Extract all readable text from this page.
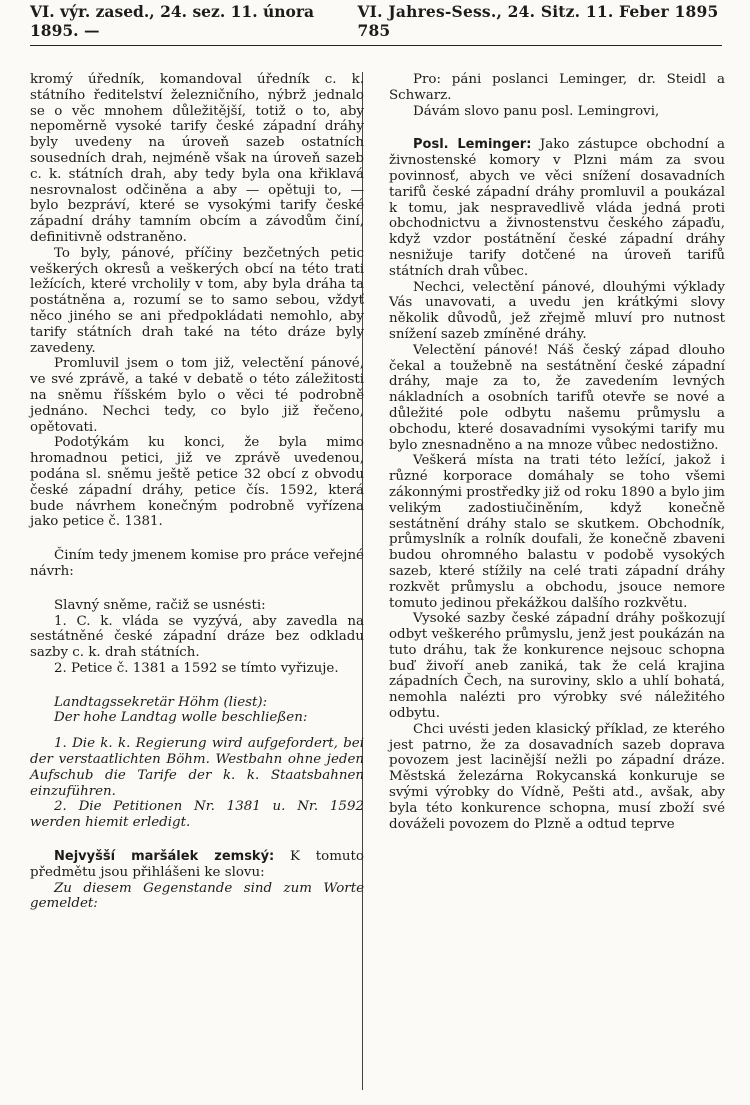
VI. výr. zased., 24. sez. 11. února 1895. —
VI. Jahres-Sess., 24. Sitz. 11. Feber 1895 785

kromý úředník, komandoval úředník c. k. státního ředitelství železničního, nýbrž jednalo se o věc mnohem důležitější, totiž o to, aby nepoměrně vysoké tarify české západní dráhy byly uvedeny na úroveň sazeb ostatních sousedních drah, nejméně však na úroveň sazeb c. k. státních drah, aby tedy byla ona křiklavá nesrovnalost odčiněna a aby — opětuji to, — bylo bezpráví, které se vysokými tarify české západní dráhy tamním obcím a závodům činí, definitivně odstraněno.

To byly, pánové, příčiny bezčetných petic veškerých okresů a veškerých obcí na této trati ležících, které vrcholily v tom, aby byla dráha ta postátněna a, rozumí se to samo sebou, vždyť něco jiného se ani předpokládati nemohlo, aby tarify státních drah také na této dráze byly zavedeny.

Promluvil jsem o tom již, velectění pánové, ve své zprávě, a také v debatě o této záležitosti na sněmu říšském bylo o věci té podrobně jednáno. Nechci tedy, co bylo již řečeno, opětovati.

Podotýkám ku konci, že byla mimo hromadnou petici, již ve zprávě uvedenou, podána sl. sněmu ještě petice 32 obcí z obvodu české západní dráhy, petice čís. 1592, která bude návrhem konečným podrobně vyřízena jako petice č. 1381.

Činím tedy jmenem komise pro práce veřejné návrh:

Slavný sněme, račiž se usnésti:

1. C. k. vláda se vyzývá, aby zavedla na sestátněné české západní dráze bez odkladu sazby c. k. drah státních.

2. Petice č. 1381 a 1592 se tímto vyřizuje.

Landtagssekretär Höhm (liest):

Der hohe Landtag wolle beschließen:

1. Die k. k. Regierung wird aufgefordert, bei der verstaatlichten Böhm. Westbahn ohne jeden Aufschub die Tarife der k. k. Staatsbahnen einzuführen.

2. Die Petitionen Nr. 1381 u. Nr. 1592 werden hiemit erledigt.

Nejvyšší maršálek zemský: K tomuto předmětu jsou přihlášeni ke slovu:

Zu diesem Gegenstande sind zum Worte gemeldet:

Pro: páni poslanci Leminger, dr. Steidl a Schwarz.

Dávám slovo panu posl. Lemingrovi,

Posl. Leminger: Jako zástupce obchodní a živnostenské komory v Plzni mám za svou povinnosť, abych ve věci snížení dosavadních tarifů české západní dráhy promluvil a poukázal k tomu, jak nespravedlivě vláda jedná proti obchodnictvu a živnostenstvu českého zápaďu, když vzdor postátnění české západní dráhy nesnižuje tarify dotčené na úroveň tarifů státních drah vůbec.

Nechci, velectění pánové, dlouhými výklady Vás unavovati, a uvedu jen krátkými slovy několik důvodů, jež zřejmě mluví pro nutnost snížení sazeb zmíněné dráhy.

Velectění pánové! Náš český západ dlouho čekal a toužebně na sestátnění české západní dráhy, maje za to, že zavedením levných nákladních a osobních tarifů otevře se nové a důležité pole odbytu našemu průmyslu a obchodu, které dosavadními vysokými tarify mu bylo znesnadněno a na mnoze vůbec nedostižno.

Veškerá místa na trati této ležící, jakož i různé korporace domáhaly se toho všemi zákonnými prostředky již od roku 1890 a bylo jim velikým zadostiučiněním, když konečně sestátnění dráhy stalo se skutkem. Obchodník, průmyslník a rolník doufali, že konečně zbaveni budou ohromného balastu v podobě vysokých sazeb, které stížily na celé trati západní dráhy rozkvět průmyslu a obchodu, jsouce nemore tomuto jedinou překážkou dalšího rozkvětu.

Vysoké sazby české západní dráhy poškozují odbyt veškerého průmyslu, jenž jest poukázán na tuto dráhu, tak že konkurence nejsouc schopna buď živoří aneb zaniká, tak že celá krajina západních Čech, na suroviny, sklo a uhlí bohatá, nemohla nalézti pro výrobky své náležitého odbytu.

Chci uvésti jeden klasický příklad, ze kterého jest patrno, že za dosavadních sazeb doprava povozem jest lacinější nežli po západní dráze. Městská železárna Rokycanská konkuruje se svými výrobky do Vídně, Pešti atd., avšak, aby byla této konkurence schopna, musí zboží své dováželi povozem do Plzně a odtud teprve
